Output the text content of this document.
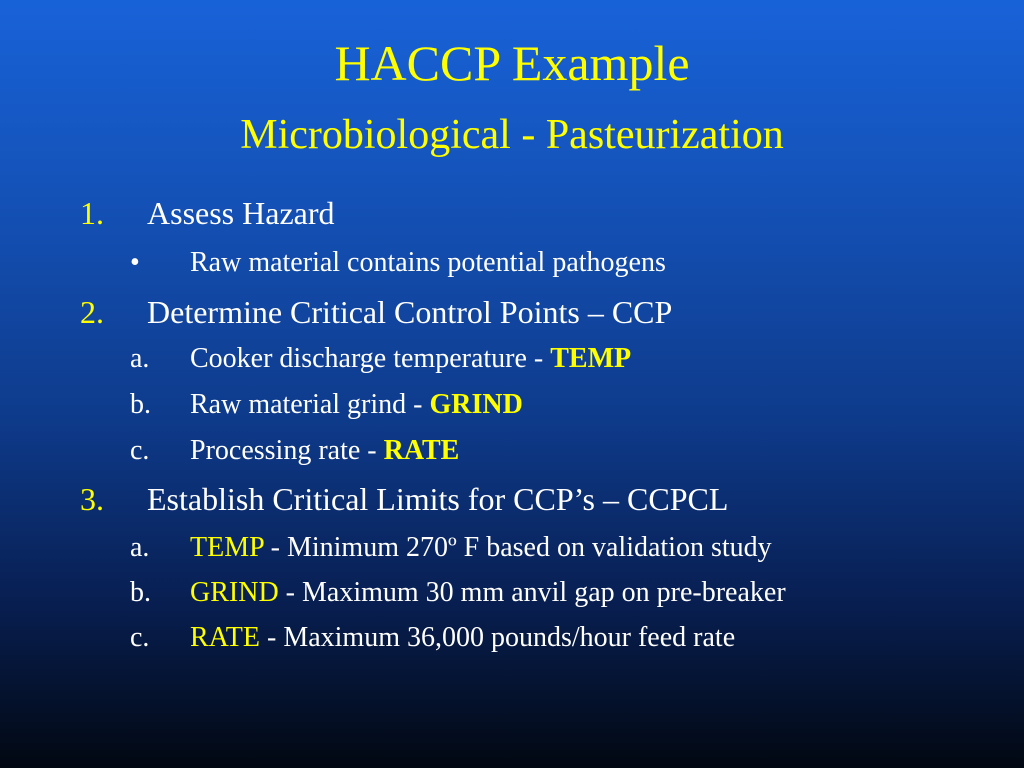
HACCP Example
Microbiological - Pasteurization
1. Assess Hazard
• Raw material contains potential pathogens
2. Determine Critical Control Points – CCP
a. Cooker discharge temperature - TEMP
b. Raw material grind - GRIND
c. Processing rate - RATE
3. Establish Critical Limits for CCP’s – CCPCL
a. TEMP - Minimum 270º F based on validation study
b. GRIND - Maximum 30 mm anvil gap on pre-breaker
c. RATE - Maximum 36,000 pounds/hour feed rate
